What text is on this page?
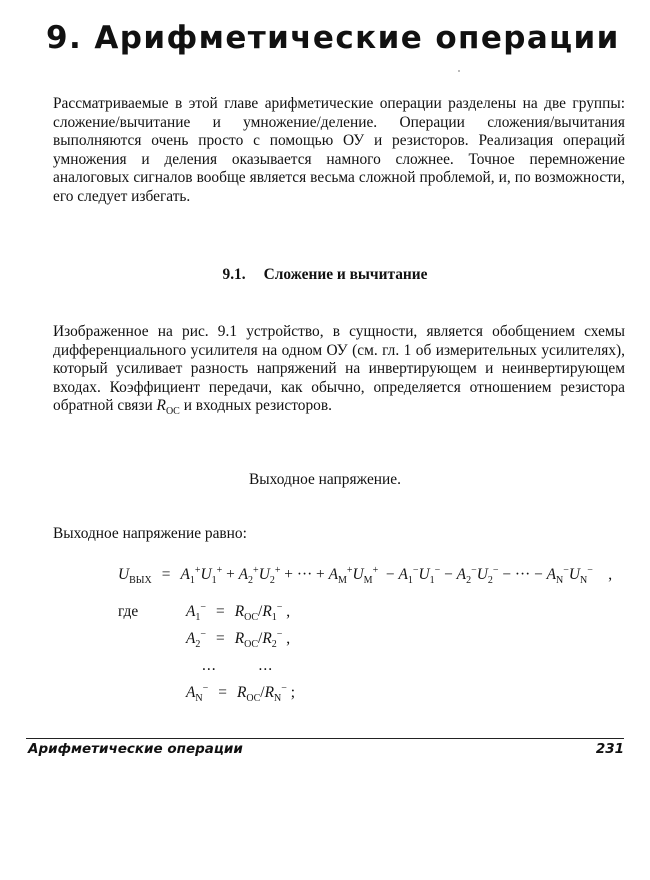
9. Арифметические операции

Рассматриваемые в этой главе арифметические операции разделены на две группы: сложение/вычитание и умножение/деление. Операции сложения/вычитания выполняются очень просто с помощью ОУ и резисторов. Реализация операций умножения и деления оказывается намного сложнее. Точное перемножение аналоговых сигналов вообще является весьма сложной проблемой, и, по возможности, его следует избегать.

9.1. Сложение и вычитание

Изображенное на рис. 9.1 устройство, в сущности, является обобщением схемы дифференциального усилителя на одном ОУ (см. гл. 1 об измерительных усилителях), который усиливает разность напряжений на инвертирующем и неинвертирующем входах. Коэффициент передачи, как обычно, определяется отношением резистора обратной связи $R_{OC}$ и входных резисторов.

Выходное напряжение.
Выходное напряжение равно:
$U_{ВЫХ} = A_1^+U_1^+ + A_2^+U_2^+$ + ··· + $A_M^+U_M^+ - A_1^-U_1^- - A_2^-U_2^-$ − ··· − $A_N^-U_N^-$    ,
где	$A_1^- = R_{OC}/R_1^-$ ,
$A_2^- = R_{OC}/R_2^-$ ,
...	...
$A_N^- = R_{OC}/R_N^-$ ;
Арифметические операции	231
